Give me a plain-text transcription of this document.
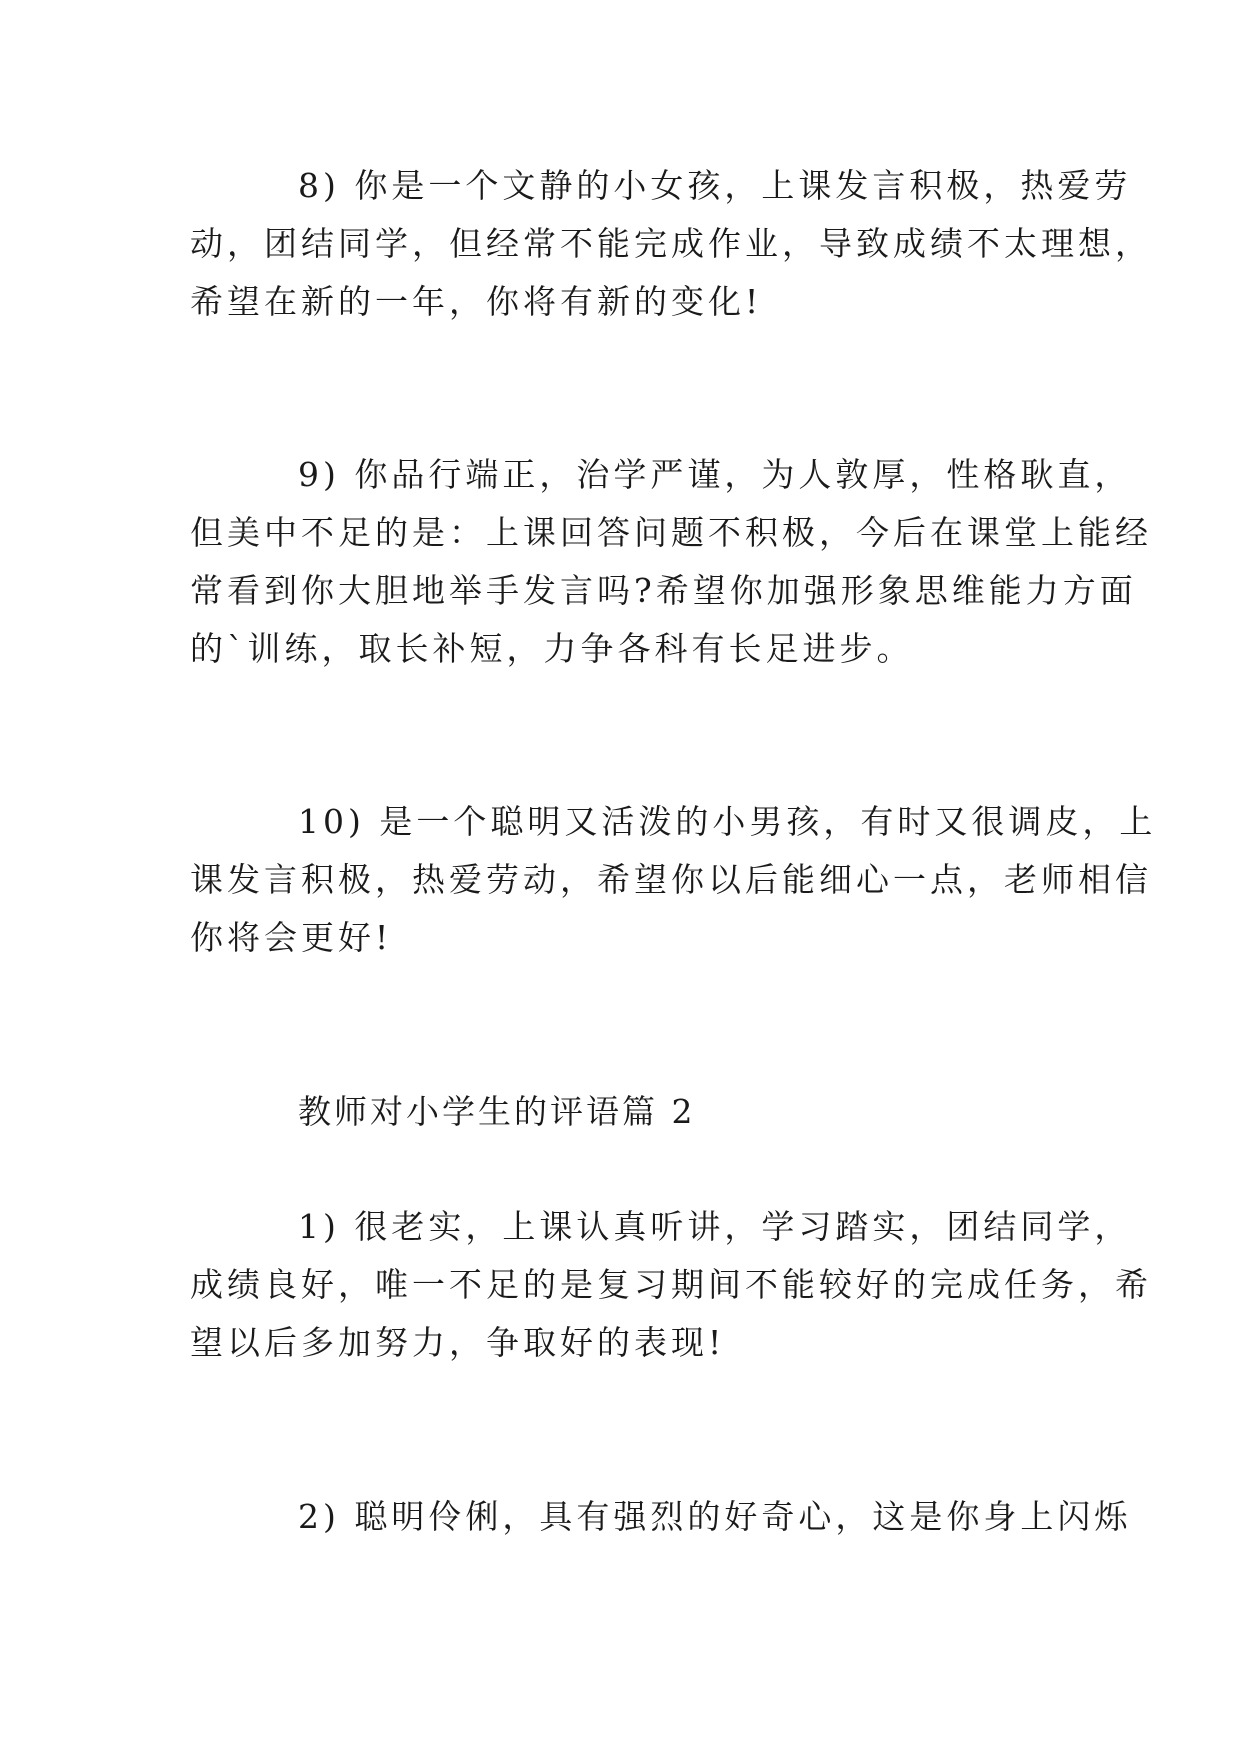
8) 你是一个文静的小女孩，上课发言积极，热爱劳
动，团结同学，但经常不能完成作业，导致成绩不太理想，
希望在新的一年，你将有新的变化!
9) 你品行端正，治学严谨，为人敦厚，性格耿直，
但美中不足的是：上课回答问题不积极，今后在课堂上能经
常看到你大胆地举手发言吗?希望你加强形象思维能力方面
的`训练，取长补短，力争各科有长足进步。
10) 是一个聪明又活泼的小男孩，有时又很调皮，上
课发言积极，热爱劳动，希望你以后能细心一点，老师相信
你将会更好!
教师对小学生的评语篇 2
1) 很老实，上课认真听讲，学习踏实，团结同学，
成绩良好，唯一不足的是复习期间不能较好的完成任务，希
望以后多加努力，争取好的表现!
2) 聪明伶俐，具有强烈的好奇心，这是你身上闪烁
